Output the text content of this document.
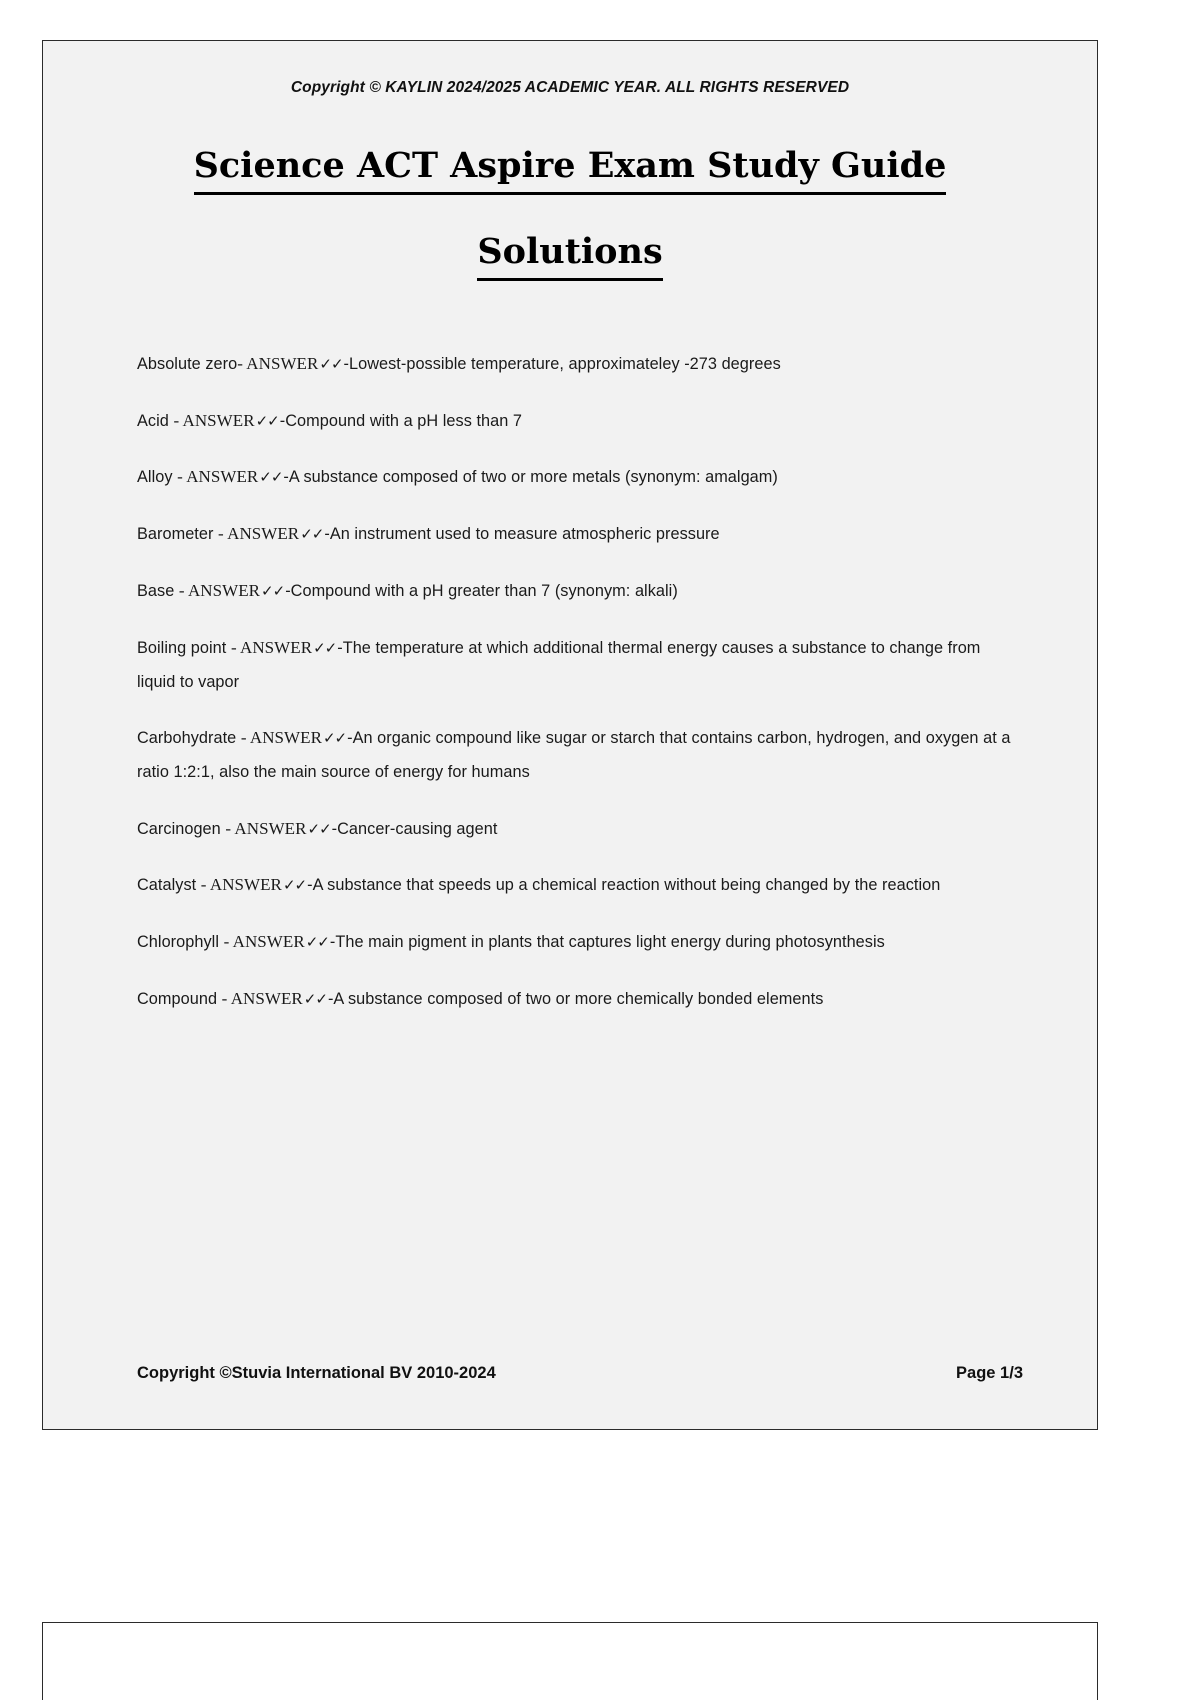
Copyright © KAYLIN 2024/2025 ACADEMIC YEAR. ALL RIGHTS RESERVED
Science ACT Aspire Exam Study Guide
Solutions
Absolute zero- ANSWER✓✓-Lowest-possible temperature, approximateley -273 degrees
Acid - ANSWER✓✓-Compound with a pH less than 7
Alloy - ANSWER✓✓-A substance composed of two or more metals (synonym: amalgam)
Barometer - ANSWER✓✓-An instrument used to measure atmospheric pressure
Base - ANSWER✓✓-Compound with a pH greater than 7 (synonym: alkali)
Boiling point - ANSWER✓✓-The temperature at which additional thermal energy causes a substance to change from liquid to vapor
Carbohydrate - ANSWER✓✓-An organic compound like sugar or starch that contains carbon, hydrogen, and oxygen at a ratio 1:2:1, also the main source of energy for humans
Carcinogen - ANSWER✓✓-Cancer-causing agent
Catalyst - ANSWER✓✓-A substance that speeds up a chemical reaction without being changed by the reaction
Chlorophyll - ANSWER✓✓-The main pigment in plants that captures light energy during photosynthesis
Compound - ANSWER✓✓-A substance composed of two or more chemically bonded elements
Copyright ©Stuvia International BV 2010-2024	Page 1/3
